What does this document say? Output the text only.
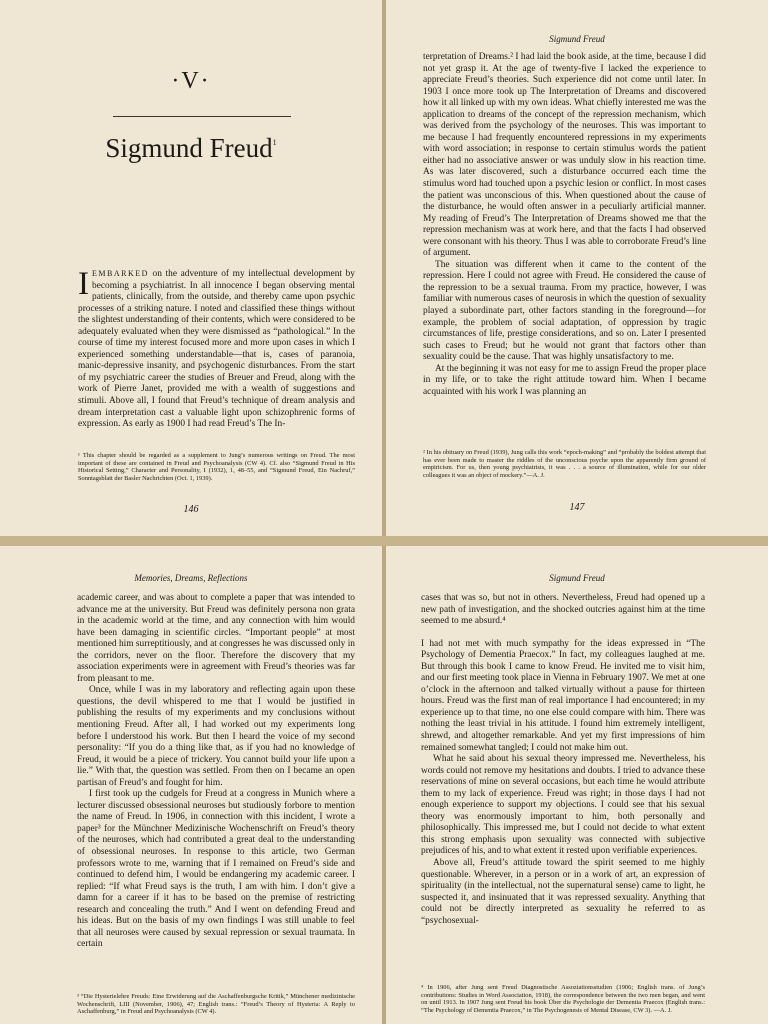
·V·
Sigmund Freud$^1$

IEMBARKED on the adventure of my intellectual development by becoming a psychiatrist. In all innocence I began observing mental patients, clinically, from the outside, and thereby came upon psychic processes of a striking nature. I noted and classified these things without the slightest understanding of their contents, which were considered to be adequately evaluated when they were dismissed as “pathological.” In the course of time my interest focused more and more upon cases in which I experienced something understandable—that is, cases of paranoia, manic-depressive insanity, and psychogenic disturbances. From the start of my psychiatric career the studies of Breuer and Freud, along with the work of Pierre Janet, provided me with a wealth of suggestions and stimuli. Above all, I found that Freud’s technique of dream analysis and dream interpretation cast a valuable light upon schizophrenic forms of expression. As early as 1900 I had read Freud’s The In-

¹ This chapter should be regarded as a supplement to Jung’s numerous writings on Freud. The most important of these are contained in Freud and Psychoanalysis (CW 4). Cf. also “Sigmund Freud in His Historical Setting,” Character and Personality, I (1932), 1, 48–55, and “Sigmund Freud, Ein Nachruf,” Sonntagsblatt der Basler Nachrichten (Oct. 1, 1939).

146
Sigmund Freud

terpretation of Dreams.² I had laid the book aside, at the time, because I did not yet grasp it. At the age of twenty-five I lacked the experience to appreciate Freud’s theories. Such experience did not come until later. In 1903 I once more took up The Interpretation of Dreams and discovered how it all linked up with my own ideas. What chiefly interested me was the application to dreams of the concept of the repression mechanism, which was derived from the psychology of the neuroses. This was important to me because I had frequently encountered repressions in my experiments with word association; in response to certain stimulus words the patient either had no associative answer or was unduly slow in his reaction time. As was later discovered, such a disturbance occurred each time the stimulus word had touched upon a psychic lesion or conflict. In most cases the patient was unconscious of this. When questioned about the cause of the disturbance, he would often answer in a peculiarly artificial manner. My reading of Freud’s The Interpretation of Dreams showed me that the repression mechanism was at work here, and that the facts I had observed were consonant with his theory. Thus I was able to corroborate Freud’s line of argument.

The situation was different when it came to the content of the repression. Here I could not agree with Freud. He considered the cause of the repression to be a sexual trauma. From my practice, however, I was familiar with numerous cases of neurosis in which the question of sexuality played a subordinate part, other factors standing in the foreground—for example, the problem of social adaptation, of oppression by tragic circumstances of life, prestige considerations, and so on. Later I presented such cases to Freud; but he would not grant that factors other than sexuality could be the cause. That was highly unsatisfactory to me.

At the beginning it was not easy for me to assign Freud the proper place in my life, or to take the right attitude toward him. When I became acquainted with his work I was planning an

² In his obituary on Freud (1939), Jung calls this work “epoch-making” and “probably the boldest attempt that has ever been made to master the riddles of the unconscious psyche upon the apparently firm ground of empiricism. For us, then young psychiatrists, it was . . . a source of illumination, while for our older colleagues it was an object of mockery.”—A. J.

147
Memories, Dreams, Reflections

academic career, and was about to complete a paper that was intended to advance me at the university. But Freud was definitely persona non grata in the academic world at the time, and any connection with him would have been damaging in scientific circles. “Important people” at most mentioned him surreptitiously, and at congresses he was discussed only in the corridors, never on the floor. Therefore the discovery that my association experiments were in agreement with Freud’s theories was far from pleasant to me.

Once, while I was in my laboratory and reflecting again upon these questions, the devil whispered to me that I would be justified in publishing the results of my experiments and my conclusions without mentioning Freud. After all, I had worked out my experiments long before I understood his work. But then I heard the voice of my second personality: “If you do a thing like that, as if you had no knowledge of Freud, it would be a piece of trickery. You cannot build your life upon a lie.” With that, the question was settled. From then on I became an open partisan of Freud’s and fought for him.

I first took up the cudgels for Freud at a congress in Munich where a lecturer discussed obsessional neuroses but studiously forbore to mention the name of Freud. In 1906, in connection with this incident, I wrote a paper³ for the Münchner Medizinische Wochenschrift on Freud’s theory of the neuroses, which had contributed a great deal to the understanding of obsessional neuroses. In response to this article, two German professors wrote to me, warning that if I remained on Freud’s side and continued to defend him, I would be endangering my academic career. I replied: “If what Freud says is the truth, I am with him. I don’t give a damn for a career if it has to be based on the premise of restricting research and concealing the truth.” And I went on defending Freud and his ideas. But on the basis of my own findings I was still unable to feel that all neuroses were caused by sexual repression or sexual traumata. In certain

³ “Die Hysterielehre Freuds: Eine Erwiderung auf die Aschaffenburgsche Kritik,” Münchener medizinische Wochenschrift, LIII (November, 1906), 47; English trans.: “Freud’s Theory of Hysteria: A Reply to Aschaffenburg,” in Freud and Psychoanalysis (CW 4).

Sigmund Freud

cases that was so, but not in others. Nevertheless, Freud had opened up a new path of investigation, and the shocked outcries against him at the time seemed to me absurd.⁴

I had not met with much sympathy for the ideas expressed in “The Psychology of Dementia Praecox.” In fact, my colleagues laughed at me. But through this book I came to know Freud. He invited me to visit him, and our first meeting took place in Vienna in February 1907. We met at one o’clock in the afternoon and talked virtually without a pause for thirteen hours. Freud was the first man of real importance I had encountered; in my experience up to that time, no one else could compare with him. There was nothing the least trivial in his attitude. I found him extremely intelligent, shrewd, and altogether remarkable. And yet my first impressions of him remained somewhat tangled; I could not make him out.

What he said about his sexual theory impressed me. Nevertheless, his words could not remove my hesitations and doubts. I tried to advance these reservations of mine on several occasions, but each time he would attribute them to my lack of experience. Freud was right; in those days I had not enough experience to support my objections. I could see that his sexual theory was enormously important to him, both personally and philosophically. This impressed me, but I could not decide to what extent this strong emphasis upon sexuality was connected with subjective prejudices of his, and to what extent it rested upon verifiable experiences.

Above all, Freud’s attitude toward the spirit seemed to me highly questionable. Wherever, in a person or in a work of art, an expression of spirituality (in the intellectual, not the supernatural sense) came to light, he suspected it, and insinuated that it was repressed sexuality. Anything that could not be directly interpreted as sexuality he referred to as “psychosexual-

⁴ In 1906, after Jung sent Freud Diagnostische Assoziationsstudien (1906; English trans. of Jung’s contributions: Studies in Word Association, 1918), the correspondence between the two men began, and went on until 1913. In 1907 Jung sent Freud his book Über die Psychologie der Dementia Praecox (English trans.: “The Psychology of Dementia Praecox,” in The Psychogenesis of Mental Disease, CW 3). —A. J.
